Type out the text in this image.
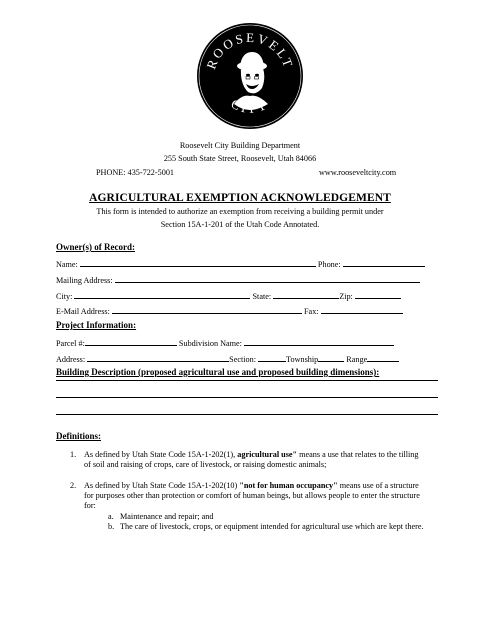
ROOSEVELT
Roosevelt City Building Department
255 South State Street, Roosevelt, Utah 84066
PHONE: 435-722-5001	www.rooseveltcity.com
AGRICULTURAL EXEMPTION ACKNOWLEDGEMENT
This form is intended to authorize an exemption from receiving a building permit under
Section 15A-1-201 of the Utah Code Annotated.
Owner(s) of Record:
Name:	Phone:
Mailing Address:
City:	State:	Zip:
E-Mail Address:	Fax:
Project Information:
Parcel #:	Subdivision Name:
Address:	Section:	Township	Range
Building Description (proposed agricultural use and proposed building dimensions):
Definitions:
1. As defined by Utah State Code 15A-1-202(1), agricultural use" means a use that relates to the tilling
of soil and raising of crops, care of livestock, or raising domestic animals;
2. As defined by Utah State Code 15A-1-202(10) "not for human occupancy" means use of a structure
for purposes other than protection or comfort of human beings, but allows people to enter the structure
for:
a. Maintenance and repair; and
b. The care of livestock, crops, or equipment intended for agricultural use which are kept there.
